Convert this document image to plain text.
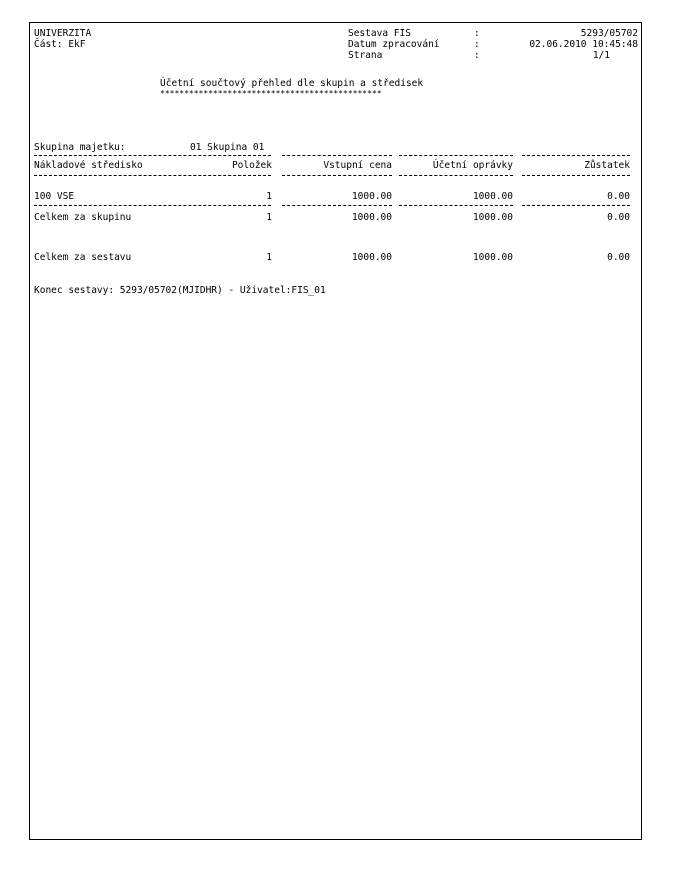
UNIVERZITA
Část: EkF
Sestava FIS	:	5293/05702
Datum zpracování	:	02.06.2010 10:45:48
Strana	:	1/1
Účetní součtový přehled dle skupin a středisek
**********************************************
Skupina majetku:	01 Skupina 01
Nákladové středisko	Položek	Vstupní cena	Účetní oprávky	Zůstatek
100 VSE	1	1000.00	1000.00	0.00
Celkem za skupinu	1	1000.00	1000.00	0.00
Celkem za sestavu	1	1000.00	1000.00	0.00
Konec sestavy: 5293/05702(MJIDHR) - Uživatel:FIS_01
